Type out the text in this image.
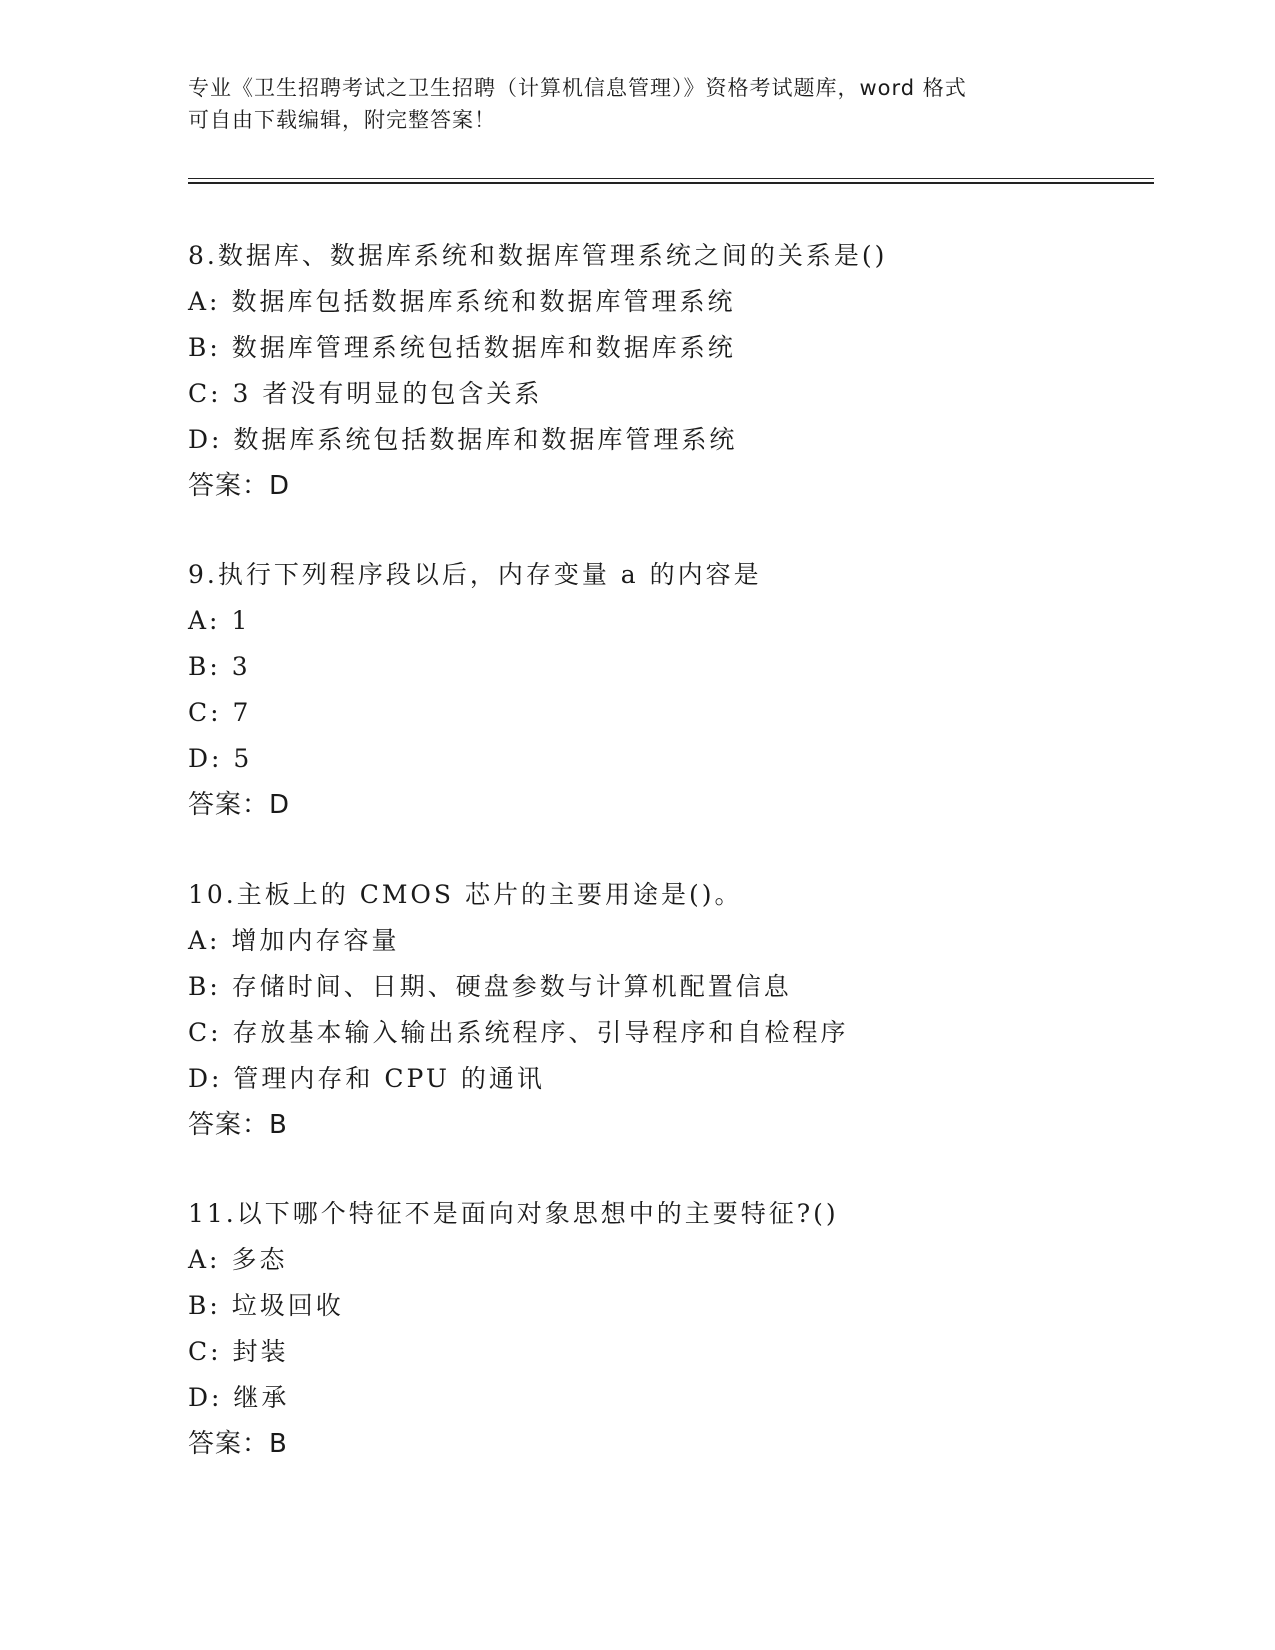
专业《卫生招聘考试之卫生招聘（计算机信息管理）》资格考试题库，word 格式
可自由下载编辑，附完整答案！
8.数据库、数据库系统和数据库管理系统之间的关系是()
A: 数据库包括数据库系统和数据库管理系统
B: 数据库管理系统包括数据库和数据库系统
C: 3 者没有明显的包含关系
D: 数据库系统包括数据库和数据库管理系统
答案：D
9.执行下列程序段以后，内存变量 a 的内容是
A: 1
B: 3
C: 7
D: 5
答案：D
10.主板上的 CMOS 芯片的主要用途是()。
A: 增加内存容量
B: 存储时间、日期、硬盘参数与计算机配置信息
C: 存放基本输入输出系统程序、引导程序和自检程序
D: 管理内存和 CPU 的通讯
答案：B
11.以下哪个特征不是面向对象思想中的主要特征?()
A: 多态
B: 垃圾回收
C: 封装
D: 继承
答案：B
